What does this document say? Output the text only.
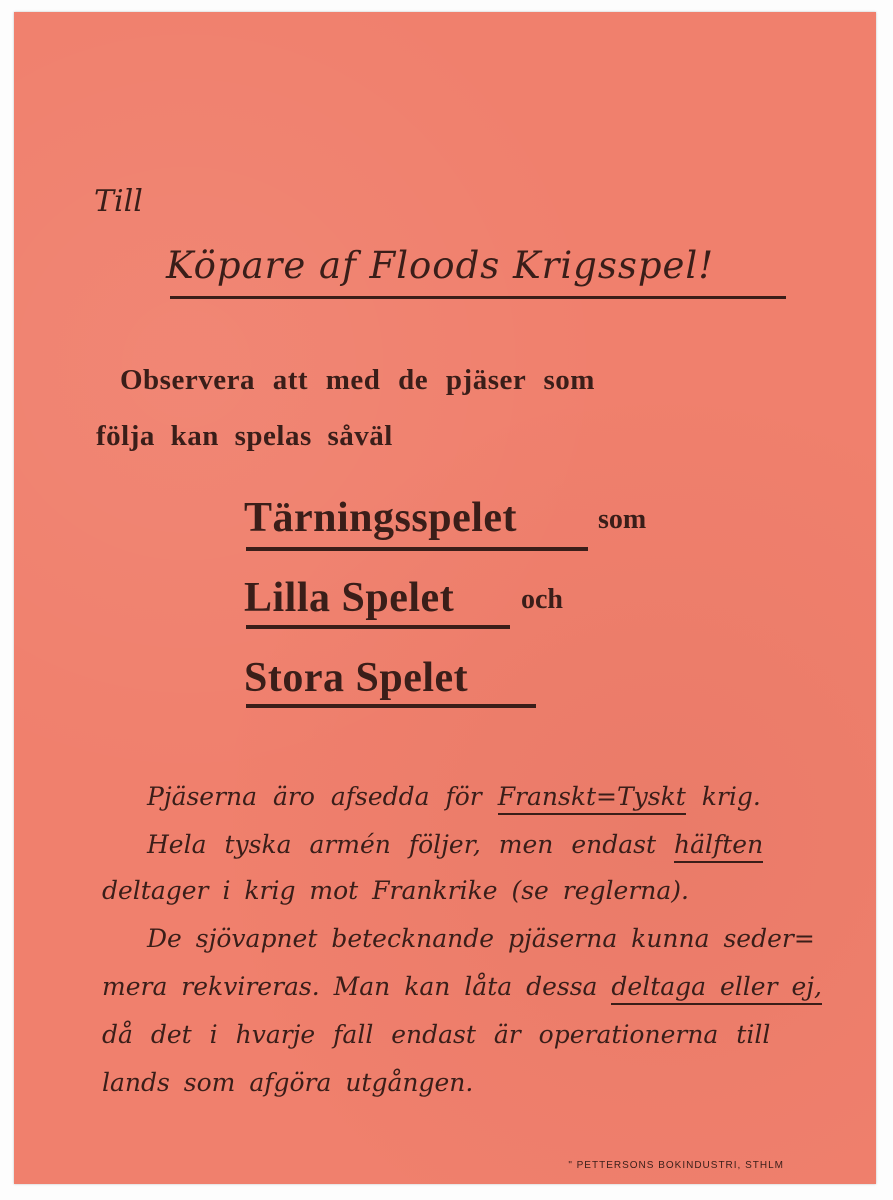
Till
Köpare af Floods Krigsspel!
Observera att med de pjäser som
följa kan spelas såväl
Tärningsspelet	som
Lilla Spelet och
Stora Spelet
Pjäserna äro afsedda för Franskt=Tyskt krig.
Hela tyska armén följer, men endast hälften
deltager i krig mot Frankrike (se reglerna).
De sjövapnet betecknande pjäserna kunna seder=
mera rekvireras. Man kan låta dessa deltaga eller ej,
då det i hvarje fall endast är operationerna till
lands som afgöra utgången.
" PETTERSONS BOKINDUSTRI, STHLM
